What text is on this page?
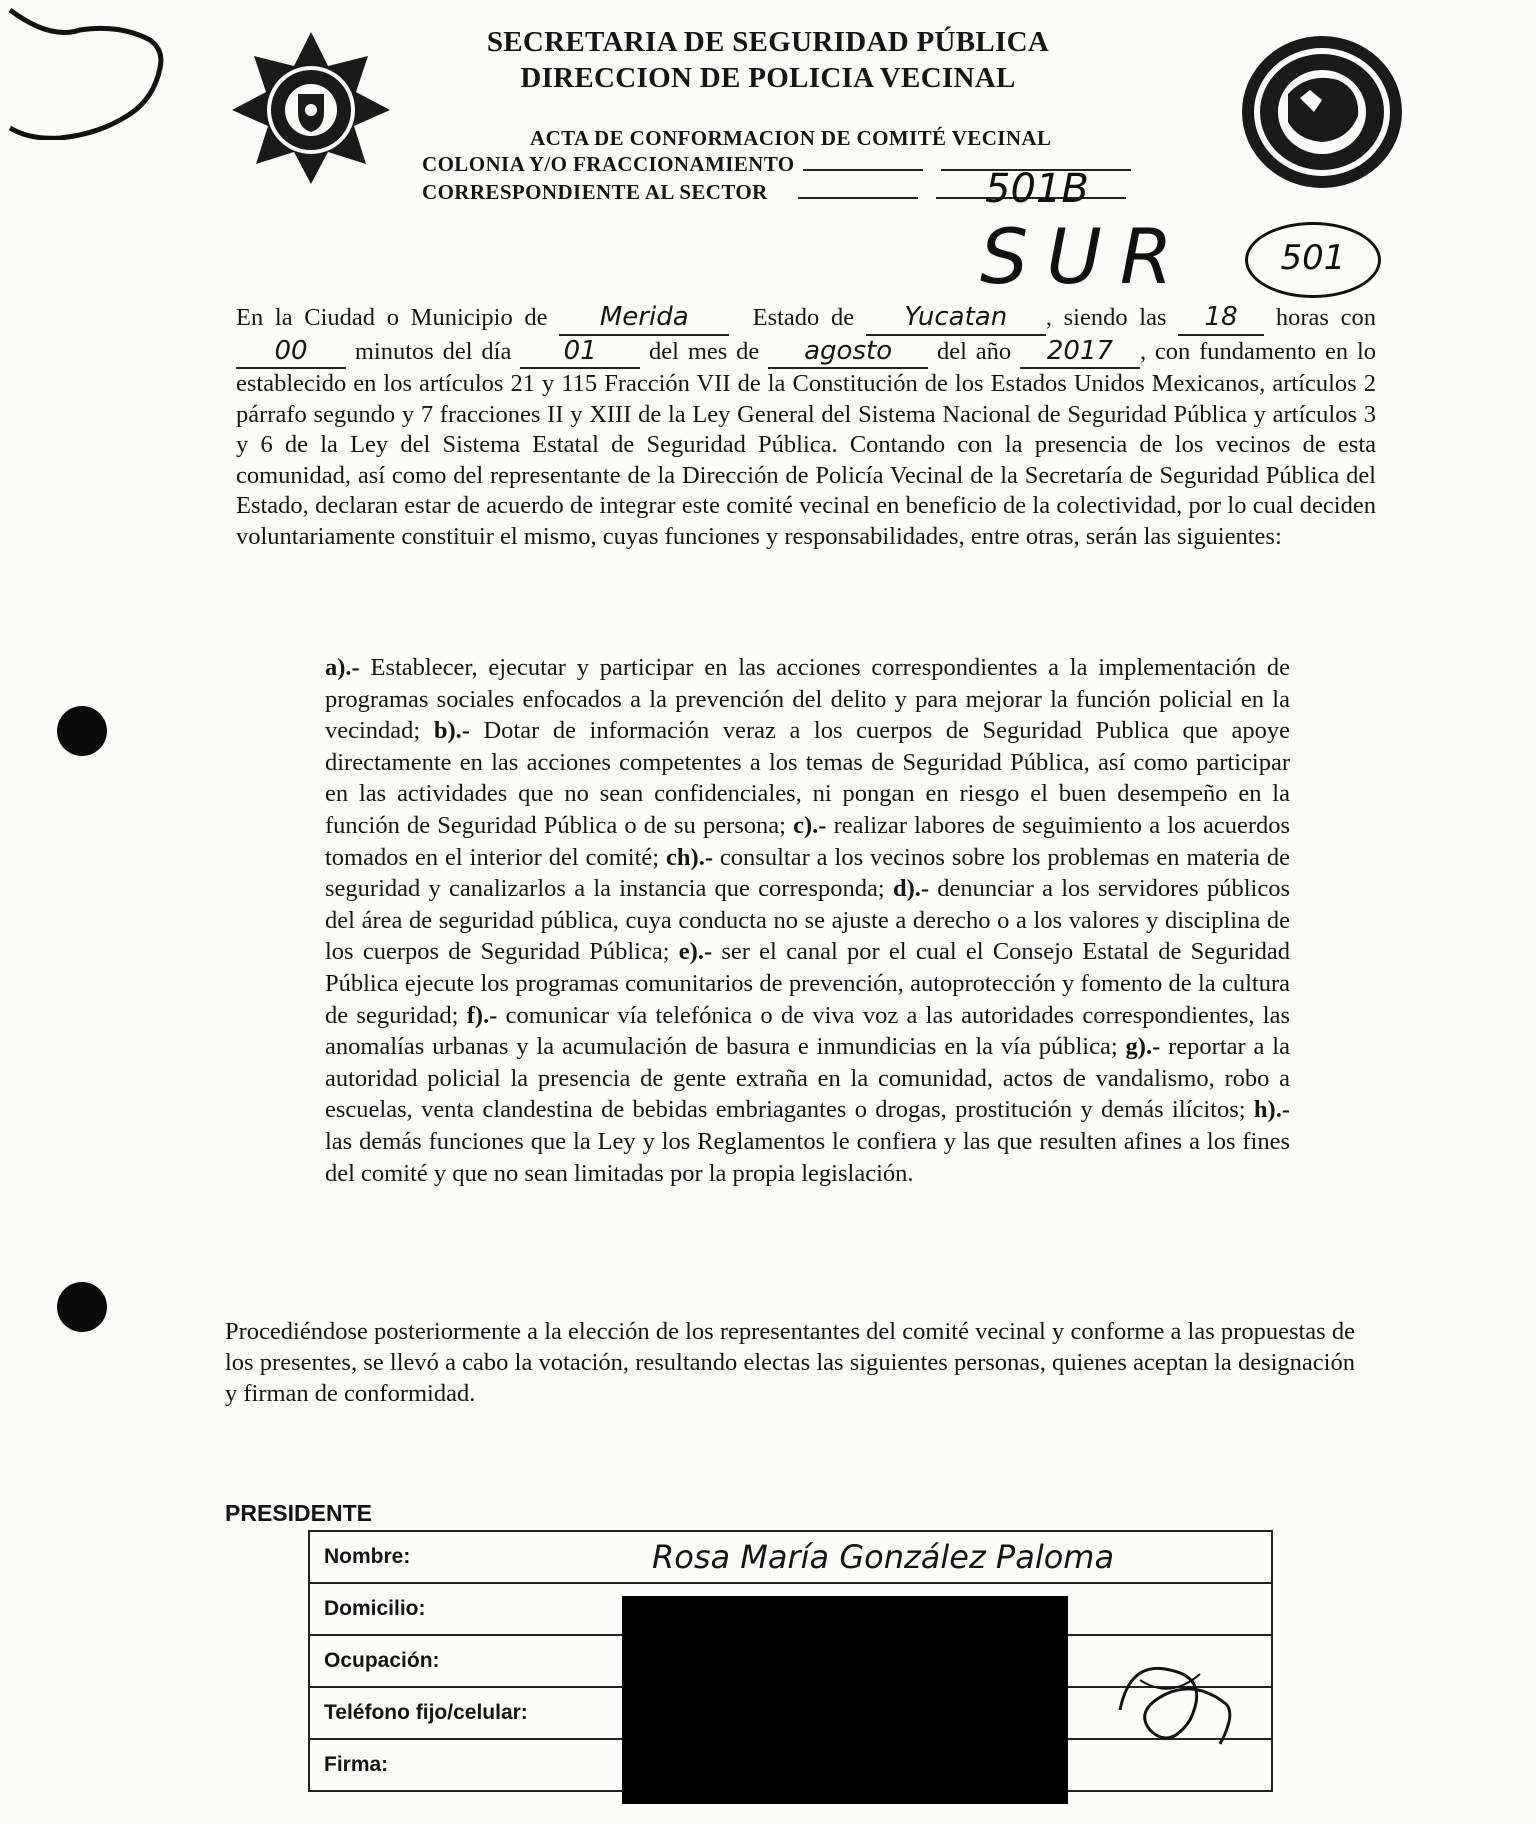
SECRETARIA DE SEGURIDAD PÚBLICA
DIRECCION DE POLICIA VECINAL
ACTA DE CONFORMACION DE COMITÉ VECINAL
COLONIA Y/O FRACCIONAMIENTO
CORRESPONDIENTE AL SECTOR	501B
SUR	501

En la Ciudad o Municipio de Merida	Estado de Yucatan , siendo las 18 horas con 00 minutos del día 01 del mes de agosto del año 2017 , con fundamento en lo establecido en los artículos 21 y 115 Fracción VII de la Constitución de los Estados Unidos Mexicanos, artículos 2 párrafo segundo y 7 fracciones II y XIII de la Ley General del Sistema Nacional de Seguridad Pública y artículos 3 y 6 de la Ley del Sistema Estatal de Seguridad Pública. Contando con la presencia de los vecinos de esta comunidad, así como del representante de la Dirección de Policía Vecinal de la Secretaría de Seguridad Pública del Estado, declaran estar de acuerdo de integrar este comité vecinal en beneficio de la colectividad, por lo cual deciden voluntariamente constituir el mismo, cuyas funciones y responsabilidades, entre otras, serán las siguientes:

a).- Establecer, ejecutar y participar en las acciones correspondientes a la implementación de programas sociales enfocados a la prevención del delito y para mejorar la función policial en la vecindad; b).- Dotar de información veraz a los cuerpos de Seguridad Publica que apoye directamente en las acciones competentes a los temas de Seguridad Pública, así como participar en las actividades que no sean confidenciales, ni pongan en riesgo el buen desempeño en la función de Seguridad Pública o de su persona; c).- realizar labores de seguimiento a los acuerdos tomados en el interior del comité; ch).- consultar a los vecinos sobre los problemas en materia de seguridad y canalizarlos a la instancia que corresponda; d).- denunciar a los servidores públicos del área de seguridad pública, cuya conducta no se ajuste a derecho o a los valores y disciplina de los cuerpos de Seguridad Pública; e).- ser el canal por el cual el Consejo Estatal de Seguridad Pública ejecute los programas comunitarios de prevención, autoprotección y fomento de la cultura de seguridad; f).- comunicar vía telefónica o de viva voz a las autoridades correspondientes, las anomalías urbanas y la acumulación de basura e inmundicias en la vía pública; g).- reportar a la autoridad policial la presencia de gente extraña en la comunidad, actos de vandalismo, robo a escuelas, venta clandestina de bebidas embriagantes o drogas, prostitución y demás ilícitos; h).- las demás funciones que la Ley y los Reglamentos le confiera y las que resulten afines a los fines del comité y que no sean limitadas por la propia legislación.

Procediéndose posteriormente a la elección de los representantes del comité vecinal y conforme a las propuestas de los presentes, se llevó a cabo la votación, resultando electas las siguientes personas, quienes aceptan la designación y firman de conformidad.

PRESIDENTE
Nombre:	Rosa María González Paloma
Domicilio:	
Ocupación:	
Teléfono fijo/celular:	
Firma:	
